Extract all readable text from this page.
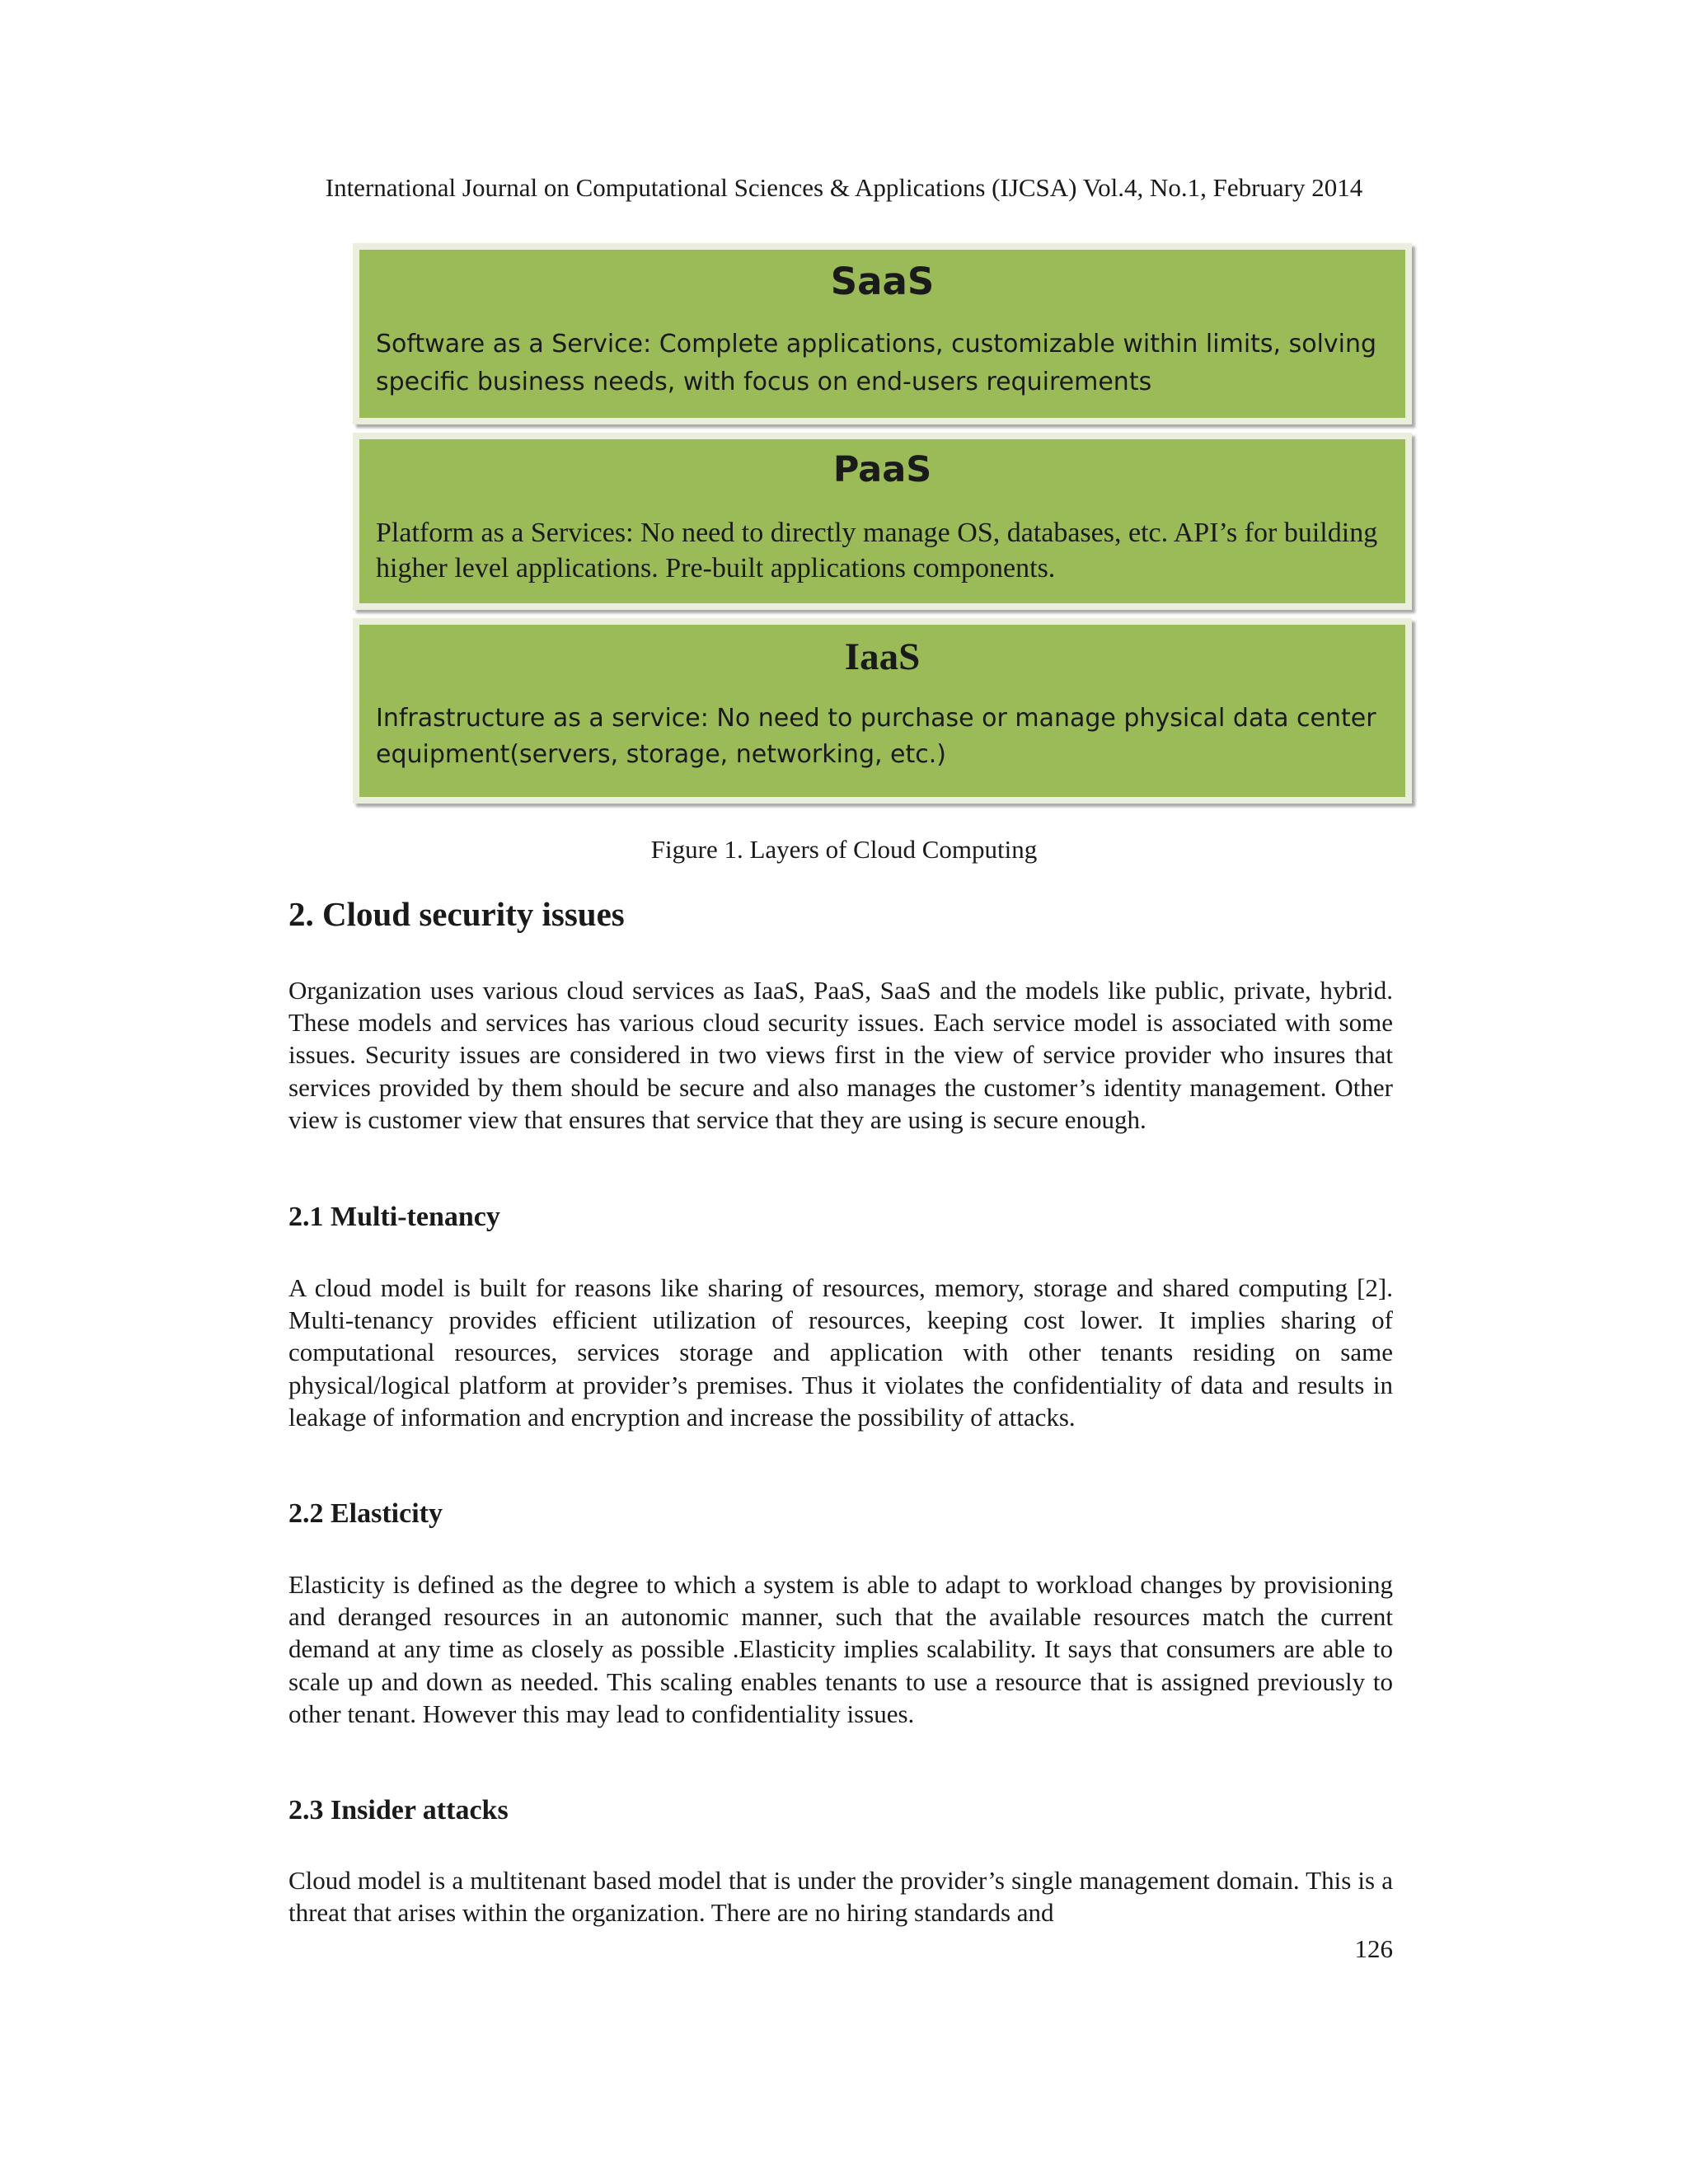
International Journal on Computational Sciences & Applications (IJCSA) Vol.4, No.1, February 2014
SaaS
Software as a Service: Complete applications, customizable within limits, solving specific business needs, with focus on end-users requirements
PaaS
Platform as a Services: No need to directly manage OS, databases, etc. API’s for building higher level applications. Pre-built applications components.
IaaS
Infrastructure as a service: No need to purchase or manage physical data center equipment(servers, storage, networking, etc.)
Figure 1. Layers of Cloud Computing
2. Cloud security issues
Organization uses various cloud services as IaaS, PaaS, SaaS and the models like public, private, hybrid. These models and services has various cloud security issues. Each service model is associated with some issues. Security issues are considered in two views first in the view of service provider who insures that services provided by them should be secure and also manages the customer’s identity management. Other view is customer view that ensures that service that they are using is secure enough.
2.1 Multi-tenancy
A cloud model is built for reasons like sharing of resources, memory, storage and shared computing [2]. Multi-tenancy provides efficient utilization of resources, keeping cost lower. It implies sharing of computational resources, services storage and application with other tenants residing on same physical/logical platform at provider’s premises. Thus it violates the confidentiality of data and results in leakage of information and encryption and increase the possibility of attacks.
2.2 Elasticity
Elasticity is defined as the degree to which a system is able to adapt to workload changes by provisioning and deranged resources in an autonomic manner, such that the available resources match the current demand at any time as closely as possible .Elasticity implies scalability. It says that consumers are able to scale up and down as needed. This scaling enables tenants to use a resource that is assigned previously to other tenant. However this may lead to confidentiality issues.
2.3 Insider attacks
Cloud model is a multitenant based model that is under the provider’s single management domain. This is a threat that arises within the organization. There are no hiring standards and
126
